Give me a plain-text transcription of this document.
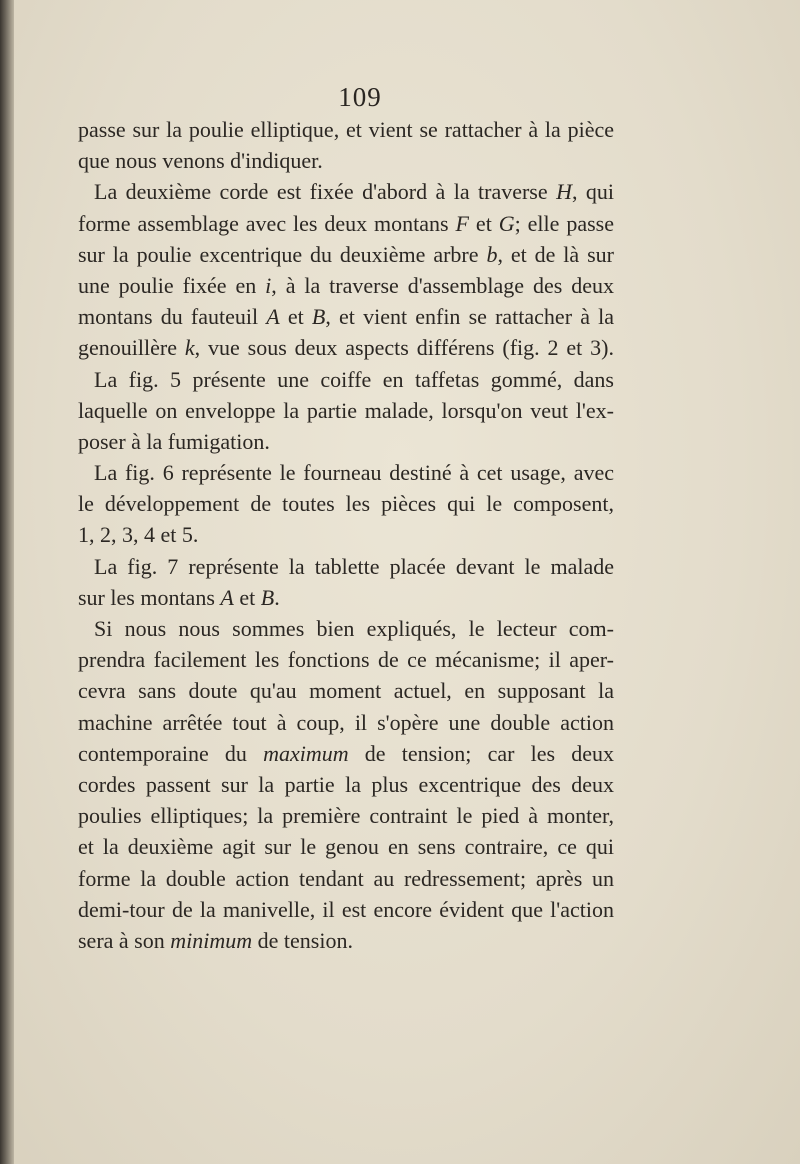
109
passe sur la poulie elliptique, et vient se rattacher à la pièce
que nous venons d'indiquer.
La deuxième corde est fixée d'abord à la traverse H, qui
forme assemblage avec les deux montans F et G; elle passe
sur la poulie excentrique du deuxième arbre b, et de là sur
une poulie fixée en i, à la traverse d'assemblage des deux
montans du fauteuil A et B, et vient enfin se rattacher à la
genouillère k, vue sous deux aspects différens (fig. 2 et 3).
La fig. 5 présente une coiffe en taffetas gommé, dans
laquelle on enveloppe la partie malade, lorsqu'on veut l'ex-
poser à la fumigation.
La fig. 6 représente le fourneau destiné à cet usage, avec
le développement de toutes les pièces qui le composent,
1, 2, 3, 4 et 5.
La fig. 7 représente la tablette placée devant le malade
sur les montans A et B.
Si nous nous sommes bien expliqués, le lecteur com-
prendra facilement les fonctions de ce mécanisme; il aper-
cevra sans doute qu'au moment actuel, en supposant la
machine arrêtée tout à coup, il s'opère une double action
contemporaine du maximum de tension; car les deux
cordes passent sur la partie la plus excentrique des deux
poulies elliptiques; la première contraint le pied à monter,
et la deuxième agit sur le genou en sens contraire, ce qui
forme la double action tendant au redressement; après un
demi-tour de la manivelle, il est encore évident que l'action
sera à son minimum de tension.
